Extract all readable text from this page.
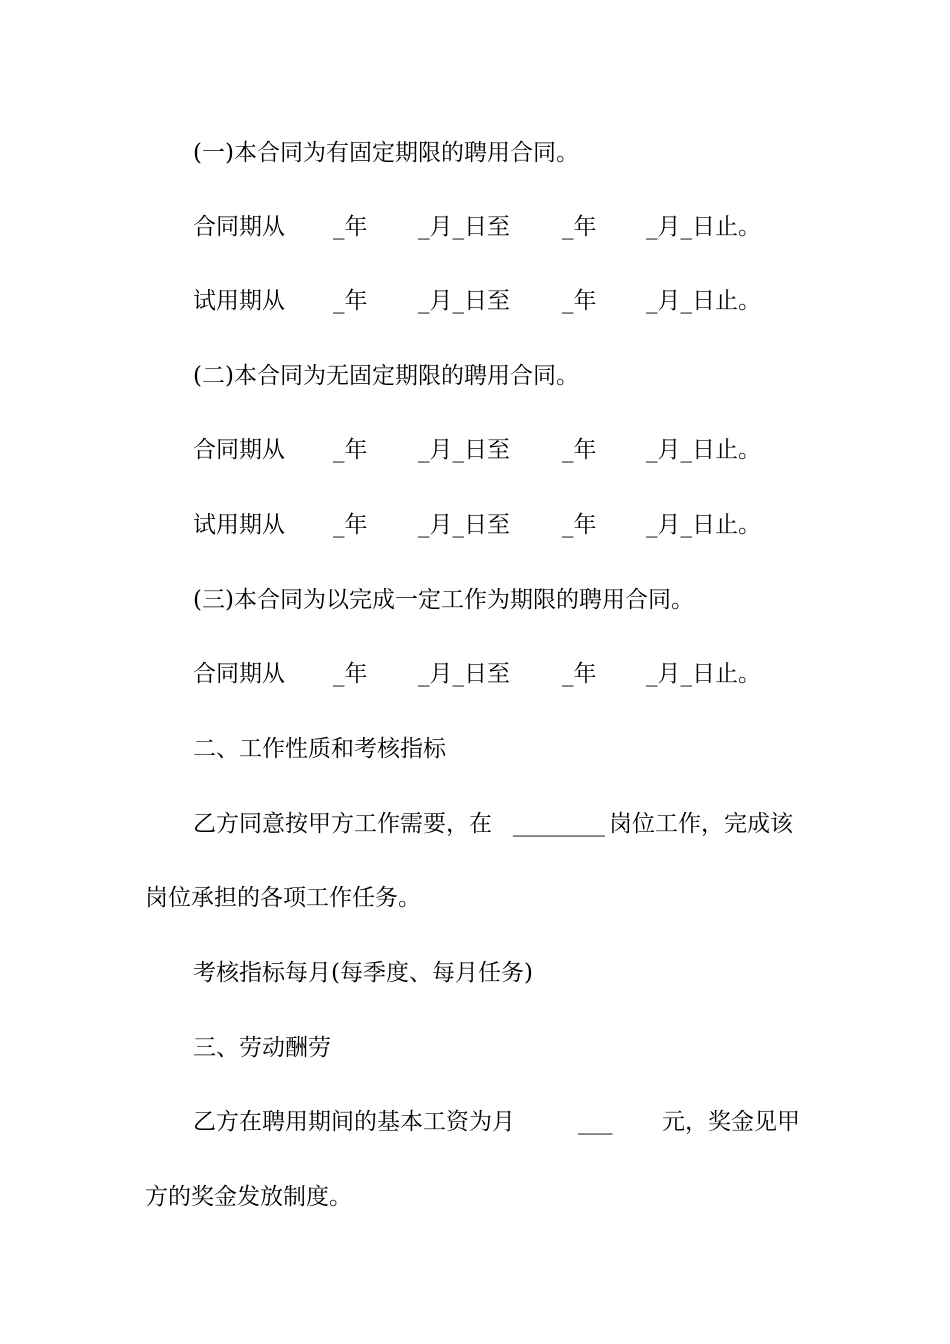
(一)本合同为有固定期限的聘用合同。
合同期从 _年 _月_日至 _年 _月_日止。
试用期从 _年 _月_日至 _年 _月_日止。
(二)本合同为无固定期限的聘用合同。
合同期从 _年 _月_日至 _年 _月_日止。
试用期从 _年 _月_日至 _年 _月_日止。
(三)本合同为以完成一定工作为期限的聘用合同。
合同期从 _年 _月_日至 _年 _月_日止。
二、工作性质和考核指标
乙方同意按甲方工作需要，在 ________ 岗位工作，完成该
岗位承担的各项工作任务。
考核指标每月(每季度、每月任务)
三、劳动酬劳
乙方在聘用期间的基本工资为月	___ 元，奖金见甲
方的奖金发放制度。
